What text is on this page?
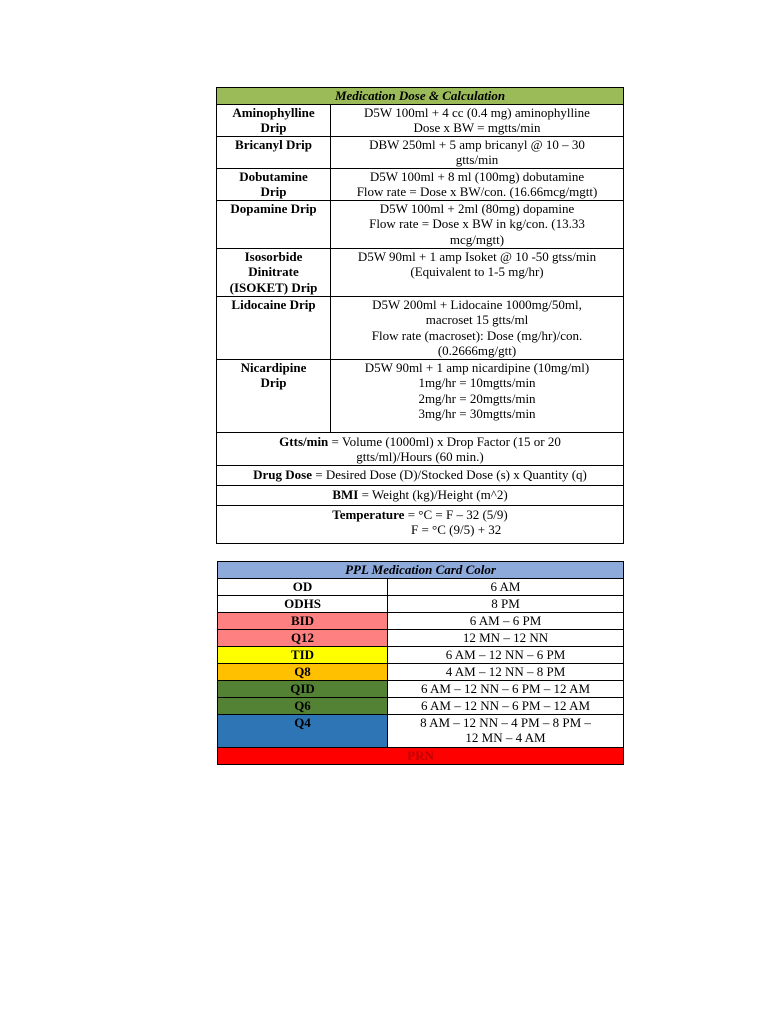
Medication Dose & Calculation	

Aminophylline
Drip	D5W 100ml + 4 cc (0.4 mg) aminophylline
Dose x BW = mgtts/min

Bricanyl Drip	DBW 250ml + 5 amp bricanyl @ 10 – 30
gtts/min

Dobutamine
Drip	D5W 100ml + 8 ml (100mg) dobutamine
Flow rate = Dose x BW/con. (16.66mcg/mgtt)

Dopamine Drip	D5W 100ml + 2ml (80mg) dopamine
Flow rate = Dose x BW in kg/con. (13.33
mcg/mgtt)

Isosorbide
Dinitrate
(ISOKET) Drip	D5W 90ml + 1 amp Isoket @ 10 -50 gtss/min
(Equivalent to 1-5 mg/hr)

Lidocaine Drip	D5W 200ml + Lidocaine 1000mg/50ml,
macroset 15 gtts/ml
Flow rate (macroset): Dose (mg/hr)/con.
(0.2666mg/gtt)

Nicardipine
Drip	D5W 90ml + 1 amp nicardipine (10mg/ml)
1mg/hr = 10mgtts/min
2mg/hr = 20mgtts/min
3mg/hr = 30mgtts/min

Gtts/min = Volume (1000ml) x Drop Factor (15 or 20
gtts/ml)/Hours (60 min.)	

Drug Dose = Desired Dose (D)/Stocked Dose (s) x Quantity (q)	
BMI = Weight (kg)/Height (m^2)	

Temperature = °C = F – 32 (5/9)
F = °C (9/5) + 32	
PPL Medication Card Color	
OD	6 AM

ODHS	8 PM

BID	6 AM – 6 PM

Q12	12 MN – 12 NN

TID	6 AM – 12 NN – 6 PM

Q8	4 AM – 12 NN – 8 PM

QID	6 AM – 12 NN – 6 PM – 12 AM

Q6	6 AM – 12 NN – 6 PM – 12 AM

Q4	8 AM – 12 NN – 4 PM – 8 PM –
12 MN – 4 AM

PRN	
